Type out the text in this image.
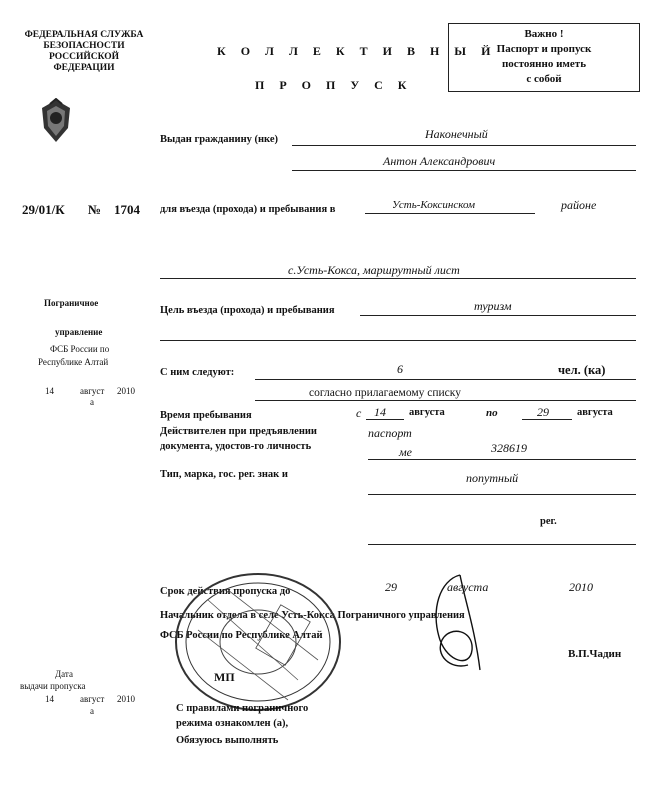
ФЕДЕРАЛЬНАЯ СЛУЖБА
БЕЗОПАСНОСТИ
РОССИЙСКОЙ
ФЕДЕРАЦИИ
К О Л Л Е К Т И В Н Ы Й
П Р О П У С К
Важно !
Паспорт и пропуск
постоянно иметь
с собой
Выдан гражданину (нке)	Наконечный
Антон Александрович
29/01/К № 1704 для въезда (прохода) и пребывания в	Усть-Коксинском	районе
с.Усть-Кокса, маршрутный лист
Пограничное
управление
ФСБ России по
Республике Алтай
14	август 2010
а
Цель въезда (прохода) и пребывания	туризм
С ним следуют:	6	чел. (ка)
согласно прилагаемому списку
Время пребывания	с 14 августа	по	29	августа
Действителен при предъявлении
документа, удостов-го личность
паспорт
ме	328619
Тип, марка, гос. рег. знак и	попутный
рег.
Срок действия пропуска до	29	августа	2010
Начальник отдела в селе Усть-Кокса Пограничного управления
ФСБ России по Республике Алтай
В.П.Чадин
МП
Дата
выдачи пропуска
14	август 2010
а	С правилами пограничного
режима ознакомлен (а),
Обязуюсь выполнять
